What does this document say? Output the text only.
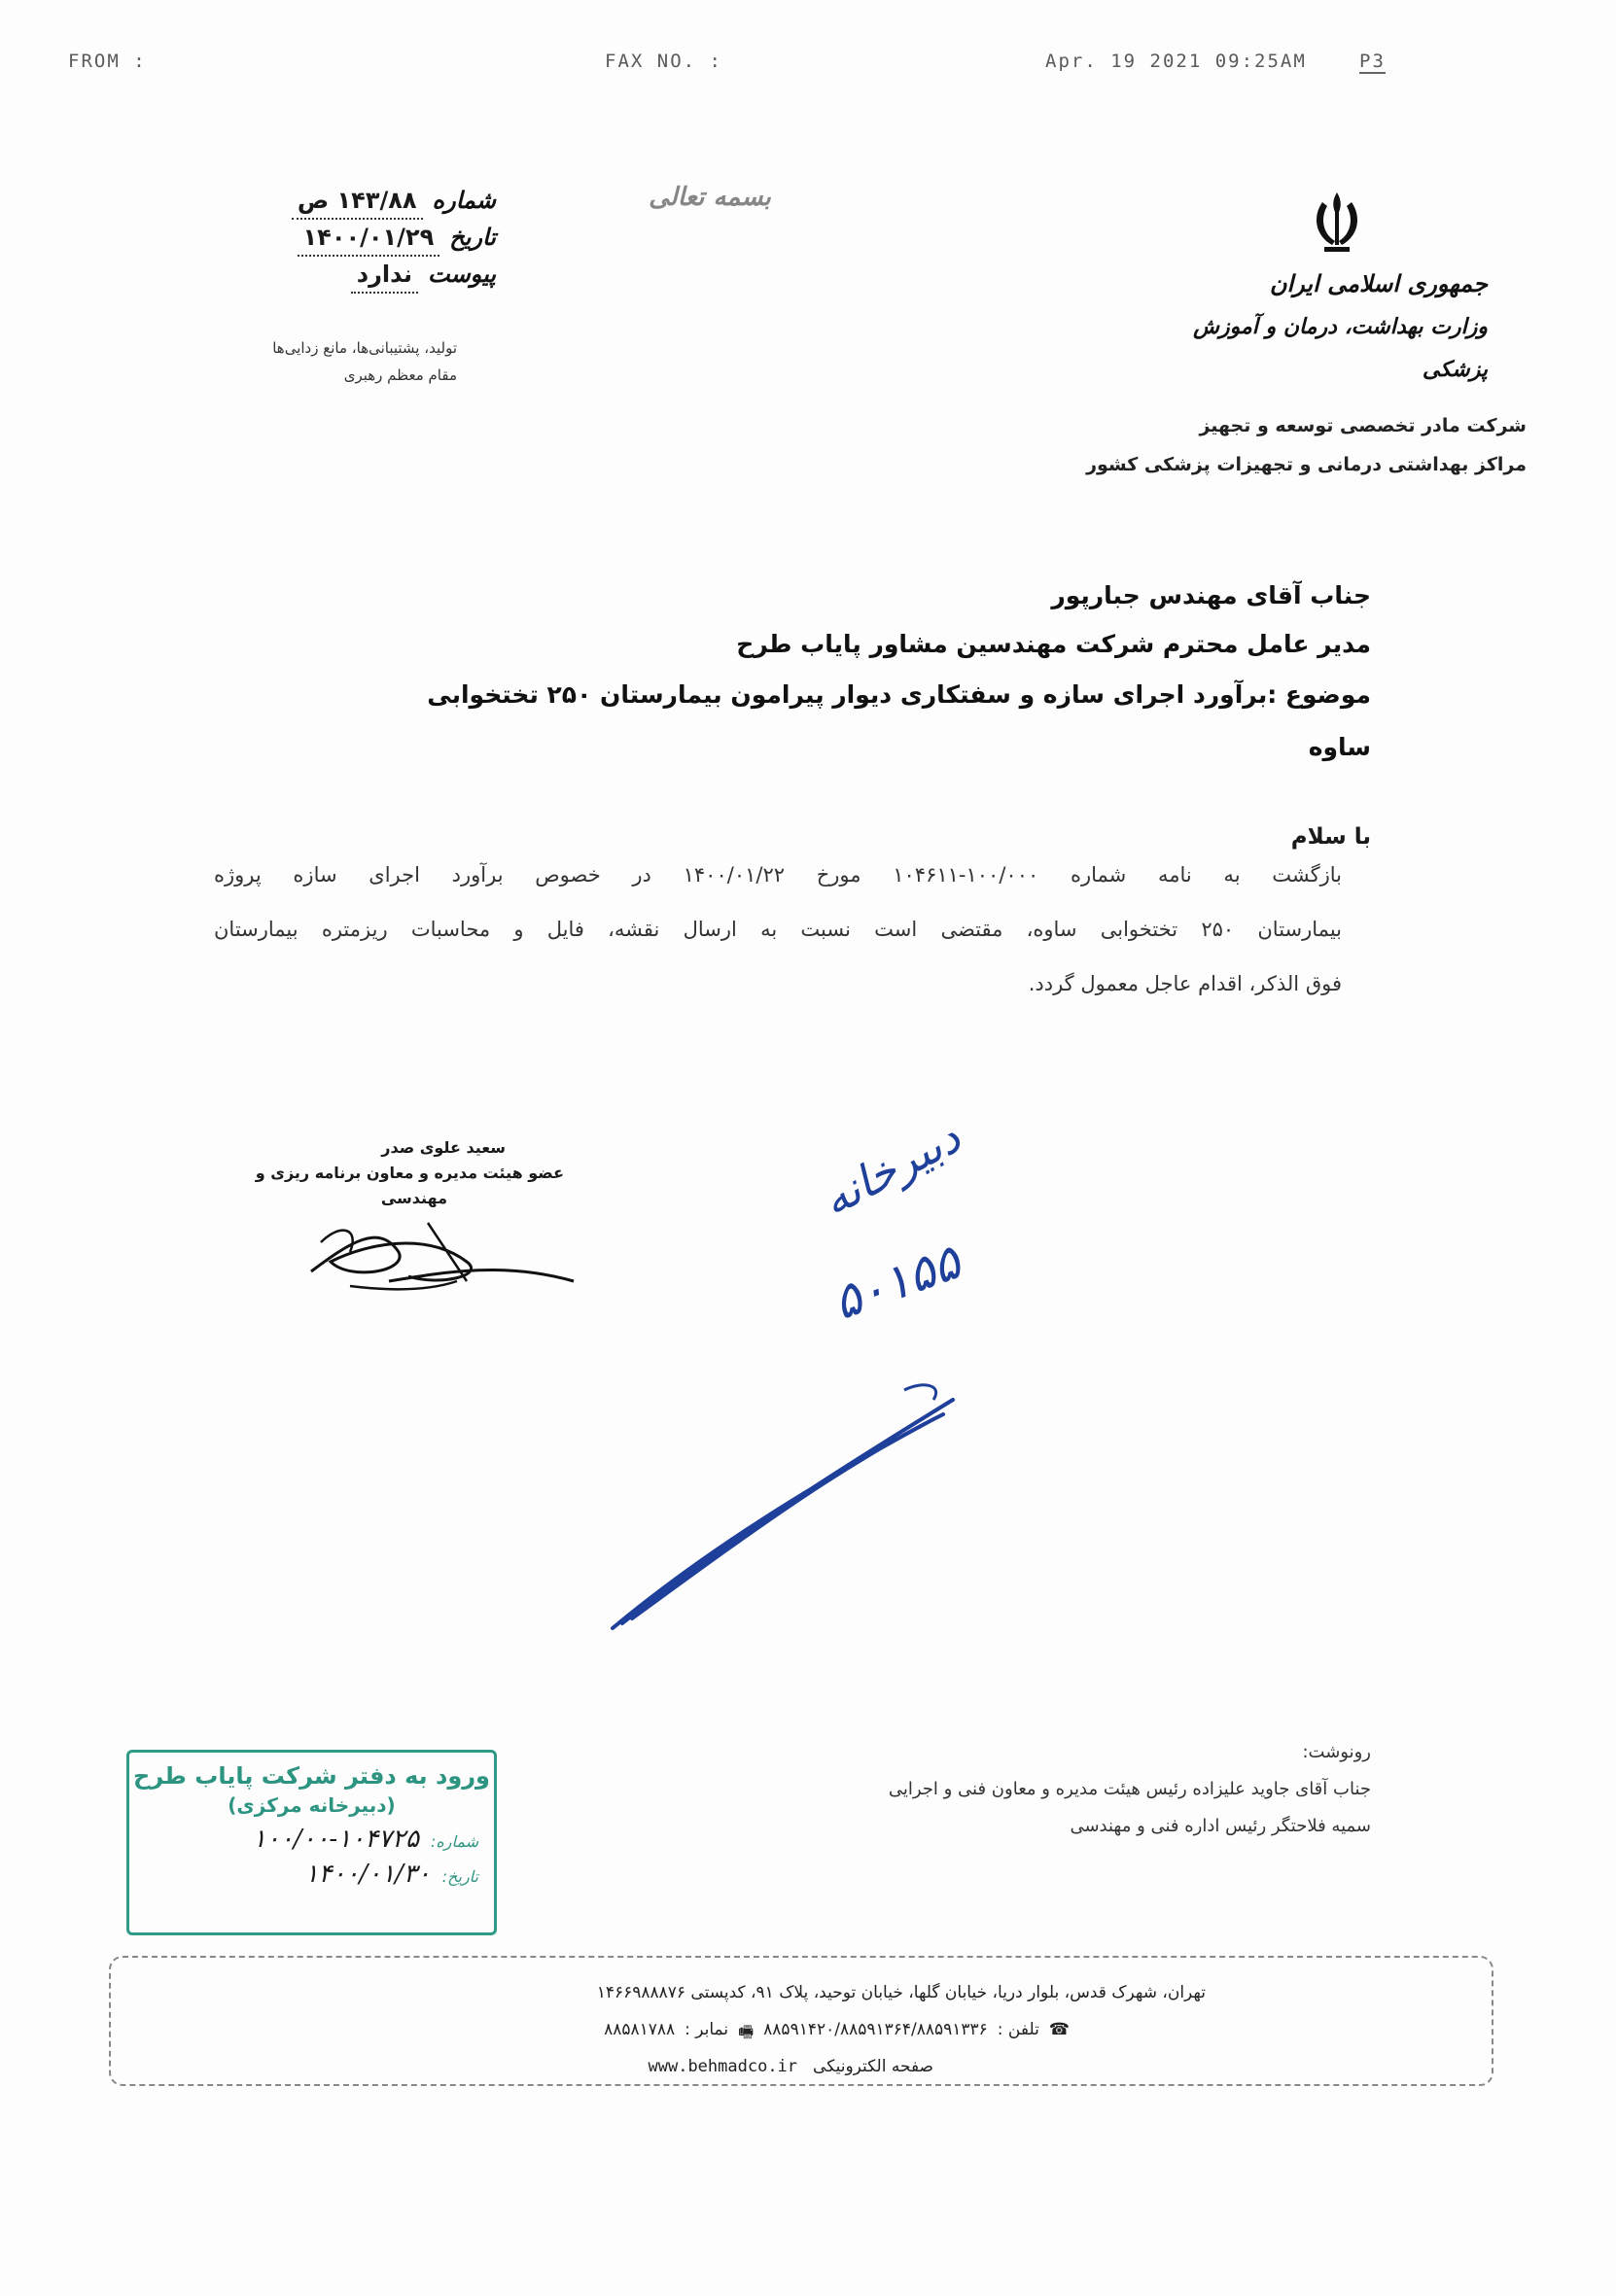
FROM :	FAX NO. :	Apr. 19 2021 09:25AM	P3
بسمه تعالی
شماره
۱۴۳/۸۸ ص
تاریخ
۱۴۰۰/۰۱/۲۹
پیوست
ندارد
تولید، پشتیبانی‌ها، مانع زدایی‌ها
مقام معظم رهبری
جمهوری اسلامی ایران
وزارت بهداشت، درمان و آموزش پزشکی
شرکت مادر تخصصی توسعه و تجهیز
مراکز بهداشتی درمانی و تجهیزات پزشکی کشور
جناب آقای مهندس جبارپور
مدیر عامل محترم شرکت مهندسین مشاور پایاب طرح
موضوع :برآورد اجرای سازه و سفتکاری دیوار پیرامون بیمارستان ۲۵۰ تختخوابی ساوه
با سلام
بازگشت به نامه شماره ۱۰۰/۰۰۰-۱۰۴۶۱۱ مورخ ۱۴۰۰/۰۱/۲۲ در خصوص برآورد اجرای سازه پروژه
بیمارستان ۲۵۰ تختخوابی ساوه، مقتضی است نسبت به ارسال نقشه، فایل و محاسبات ریزمتره بیمارستان
فوق الذکر، اقدام عاجل معمول گردد.
سعید علوی صدر
عضو هیئت مدیره و معاون برنامه ریزی و
مهندسی	دبیرخانه
۵۰۱۵۵
رونوشت:
جناب آقای جاوید علیزاده رئیس هیئت مدیره و معاون فنی و اجرایی
سمیه فلاحتگر رئیس اداره فنی و مهندسی
ورود به دفتر شرکت پایاب طرح
(دبیرخانه مرکزی)
شماره:
۱۰۰/۰۰-۱۰۴۷۲۵
تاریخ:
۱۴۰۰/۰۱/۳۰
تهران، شهرک قدس، بلوار دریا، خیابان گلها، خیابان توحید، پلاک ۹۱، کدپستی ۱۴۶۶۹۸۸۸۷۶
☎
تلفن :
۸۸۵۹۱۴۲۰/۸۸۵۹۱۳۶۴/۸۸۵۹۱۳۳۶
🖷
نمابر :
۸۸۵۸۱۷۸۸
صفحه الکترونیکی
www.behmadco.ir
